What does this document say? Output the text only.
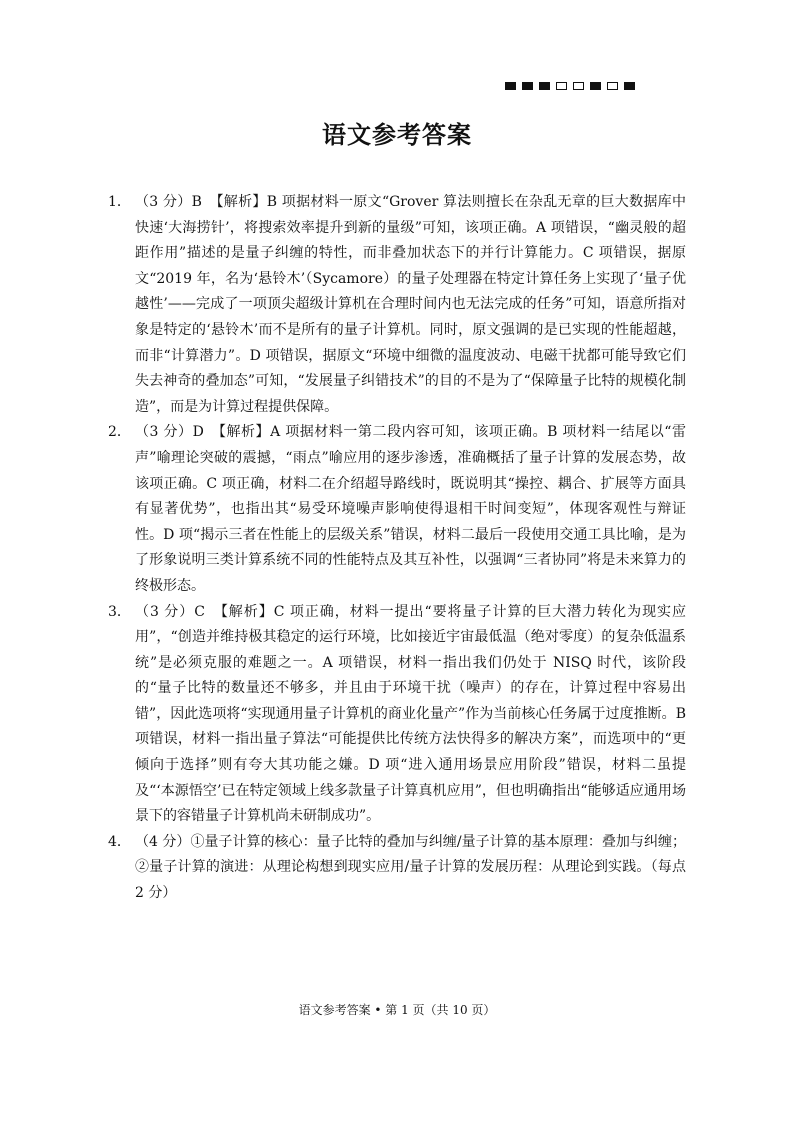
语文参考答案
1． （3 分）B　【解析】B 项据材料一原文“Grover 算法则擅长在杂乱无章的巨大数据库中快速‘大海捞针’，将搜索效率提升到新的量级”可知，该项正确。A 项错误，“幽灵般的超距作用”描述的是量子纠缠的特性，而非叠加状态下的并行计算能力。C 项错误，据原文“2019 年，名为‘悬铃木’（Sycamore）的量子处理器在特定计算任务上实现了‘量子优越性’——完成了一项顶尖超级计算机在合理时间内也无法完成的任务”可知，语意所指对象是特定的‘悬铃木’而不是所有的量子计算机。同时，原文强调的是已实现的性能超越，而非“计算潜力”。D 项错误，据原文“环境中细微的温度波动、电磁干扰都可能导致它们失去神奇的叠加态”可知，“发展量子纠错技术”的目的不是为了“保障量子比特的规模化制造”，而是为计算过程提供保障。
2． （3 分）D　【解析】A 项据材料一第二段内容可知，该项正确。B 项材料一结尾以“雷声”喻理论突破的震撼，“雨点”喻应用的逐步渗透，准确概括了量子计算的发展态势，故该项正确。C 项正确，材料二在介绍超导路线时，既说明其“操控、耦合、扩展等方面具有显著优势”，也指出其“易受环境噪声影响使得退相干时间变短”，体现客观性与辩证性。D 项“揭示三者在性能上的层级关系”错误，材料二最后一段使用交通工具比喻，是为了形象说明三类计算系统不同的性能特点及其互补性，以强调“三者协同”将是未来算力的终极形态。
3． （3 分）C　【解析】C 项正确，材料一提出“要将量子计算的巨大潜力转化为现实应用”，“创造并维持极其稳定的运行环境，比如接近宇宙最低温（绝对零度）的复杂低温系统”是必须克服的难题之一。A 项错误，材料一指出我们仍处于 NISQ 时代，该阶段的“量子比特的数量还不够多，并且由于环境干扰（噪声）的存在，计算过程中容易出错”，因此选项将“实现通用量子计算机的商业化量产”作为当前核心任务属于过度推断。B 项错误，材料一指出量子算法“可能提供比传统方法快得多的解决方案”，而选项中的“更倾向于选择”则有夸大其功能之嫌。D 项“进入通用场景应用阶段”错误，材料二虽提及“‘本源悟空’已在特定领域上线多款量子计算真机应用”，但也明确指出“能够适应通用场景下的容错量子计算机尚未研制成功”。
4． （4 分）①量子计算的核心：量子比特的叠加与纠缠/量子计算的基本原理：叠加与纠缠；②量子计算的演进：从理论构想到现实应用/量子计算的发展历程：从理论到实践。（每点 2 分）
语文参考答案 • 第 1 页（共 10 页）
